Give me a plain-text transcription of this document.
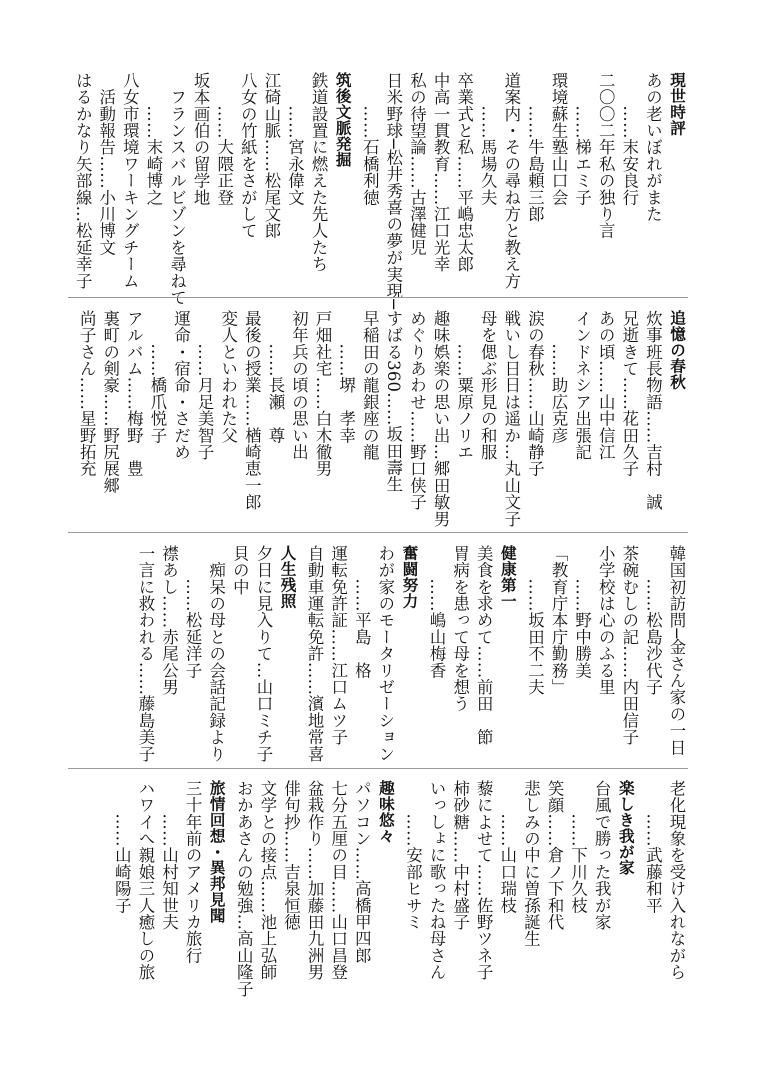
現世時評
あの老いぼれがまた
　　……末安良行
二〇〇二年私の独り言
　　……梯エミ子
環境蘇生塾山口会
　　……牛島頼三郎
道案内・その尋ね方と教え方
　　……馬場久夫
卒業式と私……平嶋忠太郎
中高一貫教育……江口光幸
私の待望論……古澤健児
日米野球─松井秀喜の夢が実現─
　　……石橋利徳
筑後文脈発掘
鉄道設置に燃えた先人たち
　　……宮永偉文
江碕山脈……松尾文郎
八女の竹紙をさがして
　　……大隈正登
坂本画伯の留学地
　フランスバルビゾンを尋ねて
　　……末崎博之
八女市環境ワーキングチーム
　活動報告……小川博文
はるかなり矢部線…松延幸子
追憶の春秋
炊事班長物語……吉村　誠
兄逝きて……花田久子
あの頃……山中信江
インドネシア出張記
　　……助広克彦
涙の春秋……山崎静子
戦いし日日は遥か…丸山文子
母を偲ぶ形見の和服
　　……粟原ノリエ
趣味娯楽の思い出…郷田敏男
めぐりあわせ……野口侠子
すばる360……坂田壽生
早稲田の龍銀座の龍
　　……堺　孝幸
戸畑社宅……白木徹男
初年兵の頃の思い出
　　……長瀬　尊
最後の授業……楢崎恵一郎
変人といわれた父
　　……月足美智子
運命・宿命・さだめ
　　……橋爪悦子
アルバム……梅野　豊
裏町の剣豪……野尻展郷
尚子さん……星野拓充
韓国初訪問─金さん家の一日
　　……松島沙代子
茶碗むしの記……内田信子
小学校は心のふる里
　　……野中勝美
「教育庁本庁勤務」
　　……坂田不二夫
健康第一
美食を求めて……前田　節
胃病を患って母を想う
　　……嶋山梅香
奮闘努力
わが家のモータリゼーション
　　……平島　格
運転免許証……江口ムツ子
自動車運転免許……濱地常喜
人生残照
夕日に見入りて…山口ミチ子
貝の中
　痴呆の母との会話記録より
　　……松延洋子
襟あし……赤尾公男
一言に救われる……藤島美子
老化現象を受け入れながら
　　……武藤和平
楽しき我が家
台風で勝った我が家
　　……下川久枝
笑顔……倉ノ下和代
悲しみの中に曽孫誕生
　　……山口瑞枝
藜によせて……佐野ツネ子
柿砂糖……中村盛子
いっしょに歌ったね母さん
　　……安部ヒサミ
趣味悠々
パソコン……高橋甲四郎
七分五厘の目……山口昌登
盆栽作り……加藤田九洲男
俳句抄……吉泉恒徳
文学との接点……池上弘師
おかあさんの勉強…高山隆子
旅情回想・異邦見聞
三十年前のアメリカ旅行
　　……山村知世夫
ハワイへ親娘三人癒しの旅
　　……山崎陽子
